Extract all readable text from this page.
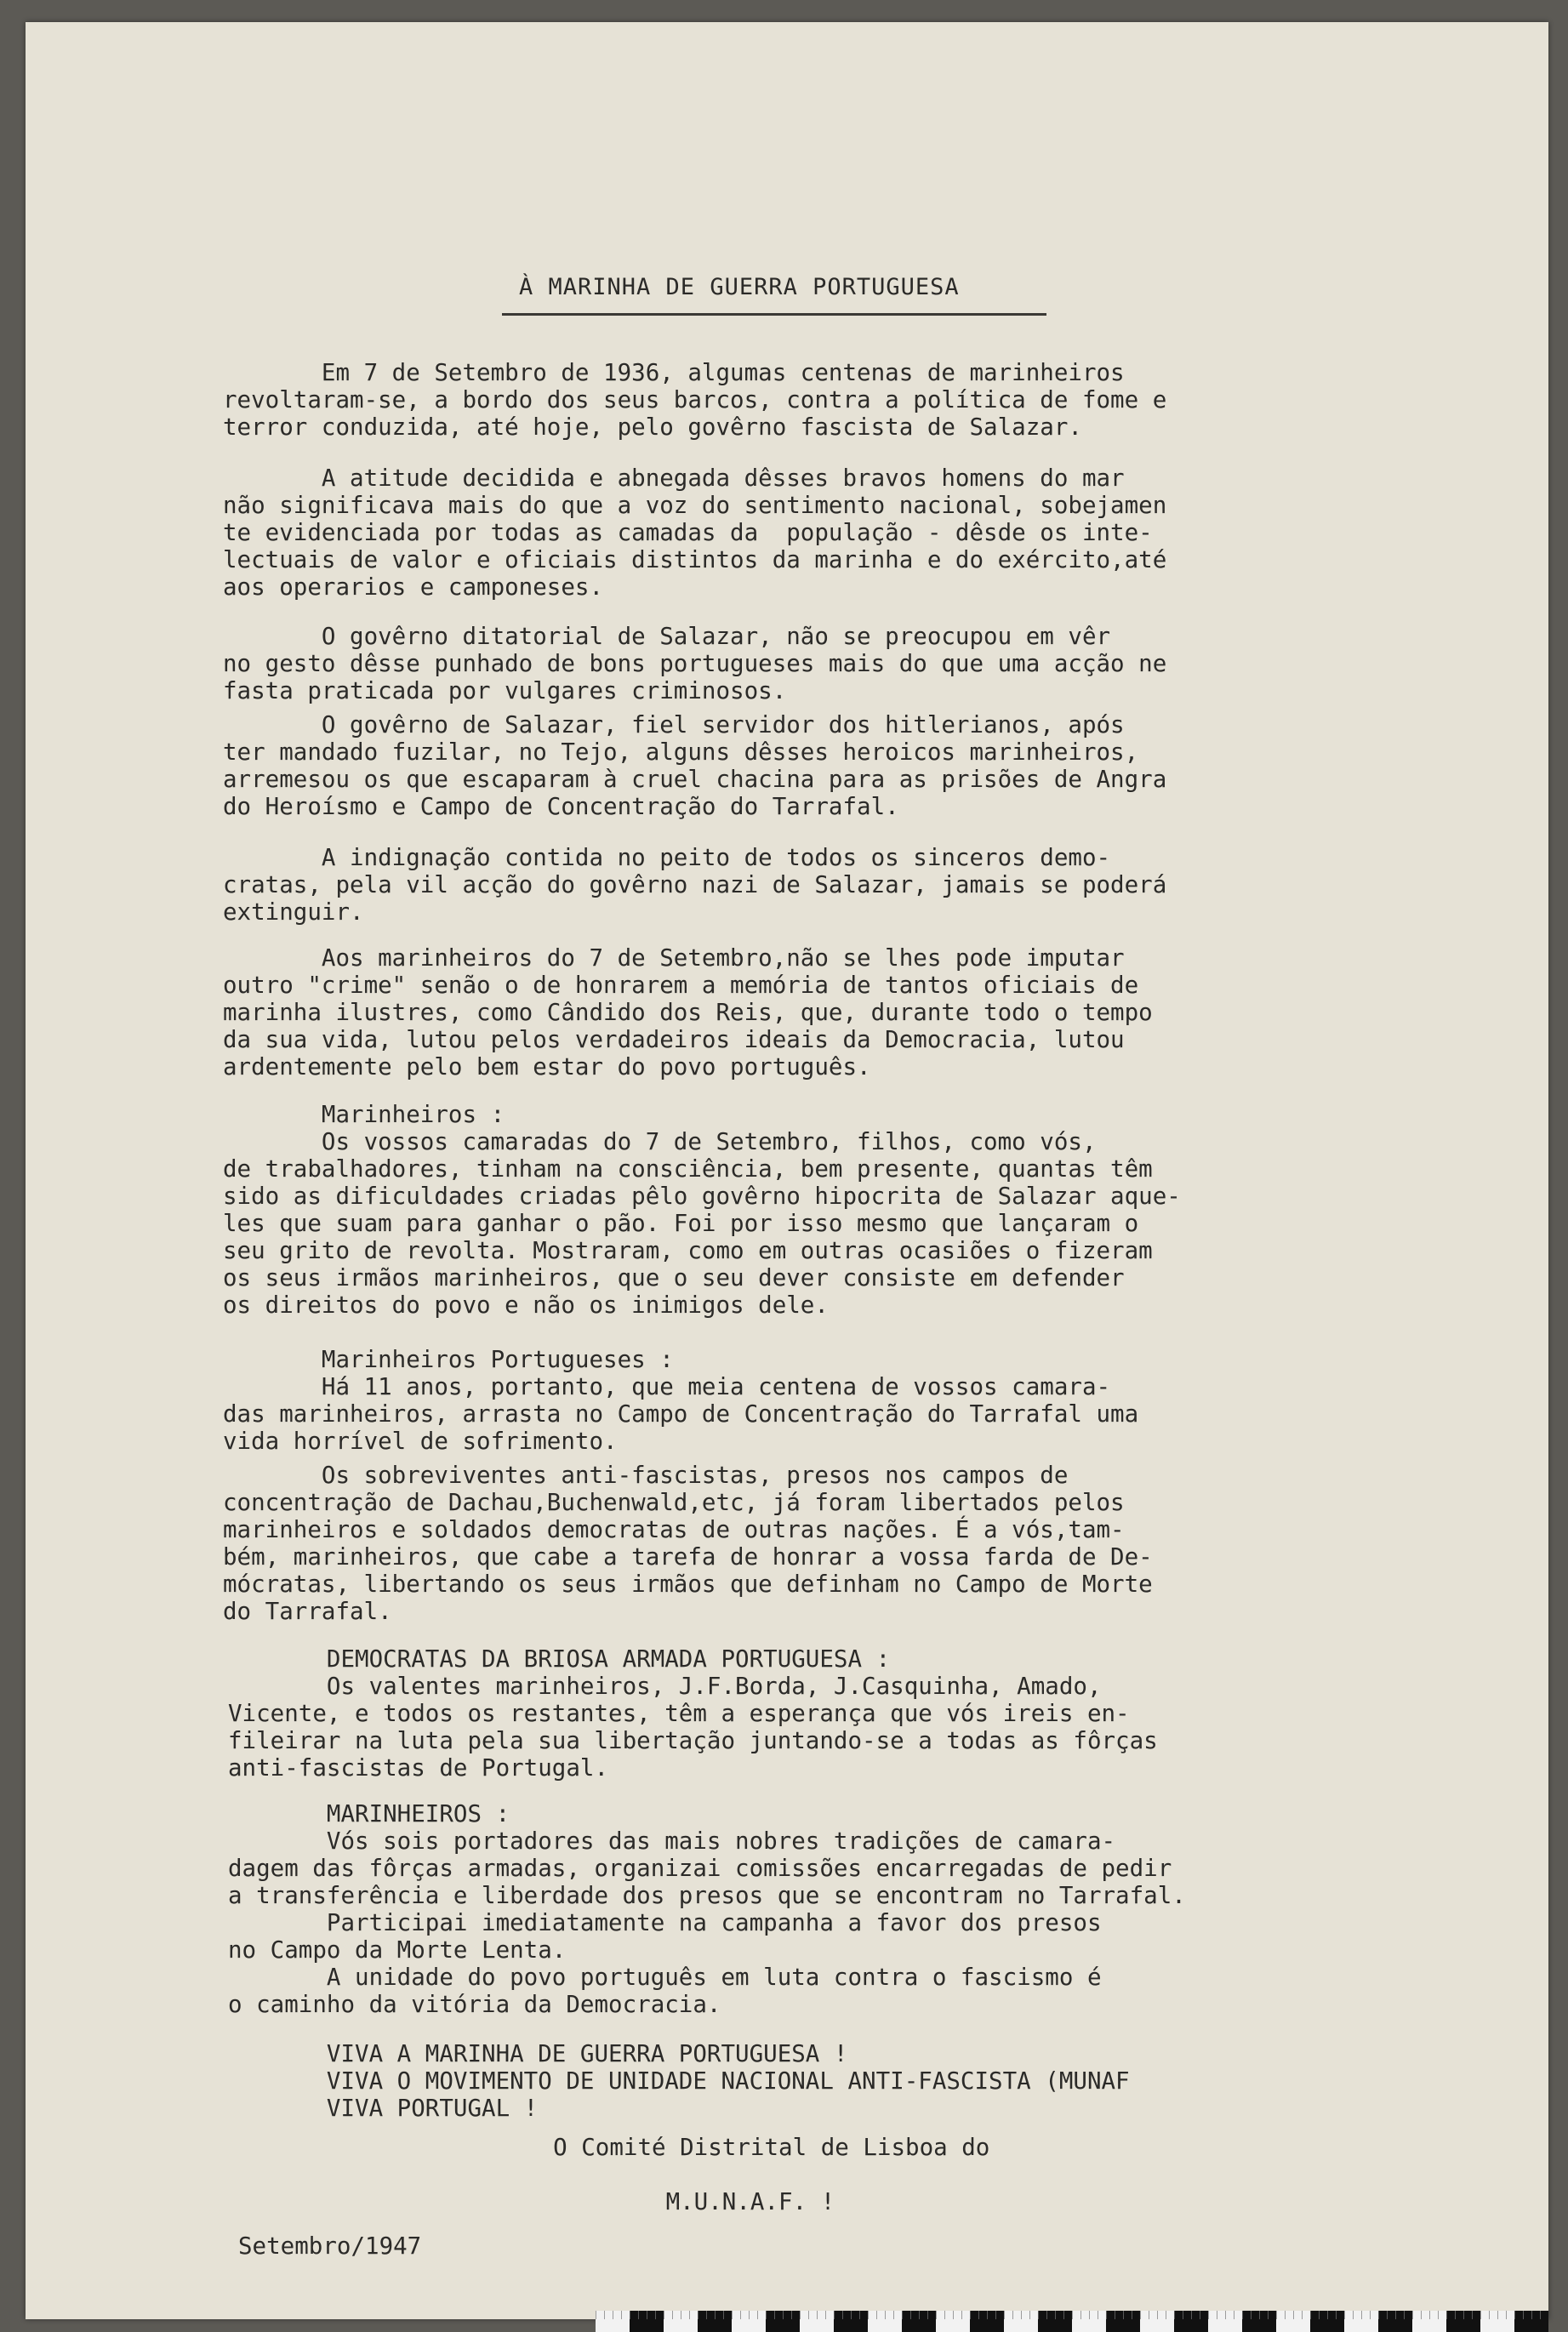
À MARINHA DE GUERRA PORTUGUESA
Em 7 de Setembro de 1936, algumas centenas de marinheiros
revoltaram-se, a bordo dos seus barcos, contra a política de fome e
terror conduzida, até hoje, pelo govêrno fascista de Salazar.
A atitude decidida e abnegada dêsses bravos homens do mar
não significava mais do que a voz do sentimento nacional, sobejamen
te evidenciada por todas as camadas da  população - dêsde os inte-
lectuais de valor e oficiais distintos da marinha e do exército,até
aos operarios e camponeses.
O govêrno ditatorial de Salazar, não se preocupou em vêr
no gesto dêsse punhado de bons portugueses mais do que uma acção ne
fasta praticada por vulgares criminosos.
O govêrno de Salazar, fiel servidor dos hitlerianos, após
ter mandado fuzilar, no Tejo, alguns dêsses heroicos marinheiros,
arremesou os que escaparam à cruel chacina para as prisões de Angra
do Heroísmo e Campo de Concentração do Tarrafal.
A indignação contida no peito de todos os sinceros demo-
cratas, pela vil acção do govêrno nazi de Salazar, jamais se poderá
extinguir.
Aos marinheiros do 7 de Setembro,não se lhes pode imputar
outro "crime" senão o de honrarem a memória de tantos oficiais de
marinha ilustres, como Cândido dos Reis, que, durante todo o tempo
da sua vida, lutou pelos verdadeiros ideais da Democracia, lutou
ardentemente pelo bem estar do povo português.
Marinheiros :
Os vossos camaradas do 7 de Setembro, filhos, como vós,
de trabalhadores, tinham na consciência, bem presente, quantas têm
sido as dificuldades criadas pêlo govêrno hipocrita de Salazar aque-
les que suam para ganhar o pão. Foi por isso mesmo que lançaram o
seu grito de revolta. Mostraram, como em outras ocasiões o fizeram
os seus irmãos marinheiros, que o seu dever consiste em defender
os direitos do povo e não os inimigos dele.
Marinheiros Portugueses :
Há 11 anos, portanto, que meia centena de vossos camara-
das marinheiros, arrasta no Campo de Concentração do Tarrafal uma
vida horrível de sofrimento.
Os sobreviventes anti-fascistas, presos nos campos de
concentração de Dachau,Buchenwald,etc, já foram libertados pelos
marinheiros e soldados democratas de outras nações. É a vós,tam-
bém, marinheiros, que cabe a tarefa de honrar a vossa farda de De-
mócratas, libertando os seus irmãos que definham no Campo de Morte
do Tarrafal.
DEMOCRATAS DA BRIOSA ARMADA PORTUGUESA :
Os valentes marinheiros, J.F.Borda, J.Casquinha, Amado,
Vicente, e todos os restantes, têm a esperança que vós ireis en-
fileirar na luta pela sua libertação juntando-se a todas as fôrças
anti-fascistas de Portugal.
MARINHEIROS :
Vós sois portadores das mais nobres tradições de camara-
dagem das fôrças armadas, organizai comissões encarregadas de pedir
a transferência e liberdade dos presos que se encontram no Tarrafal.
Participai imediatamente na campanha a favor dos presos
no Campo da Morte Lenta.
A unidade do povo português em luta contra o fascismo é
o caminho da vitória da Democracia.
VIVA A MARINHA DE GUERRA PORTUGUESA !
VIVA O MOVIMENTO DE UNIDADE NACIONAL ANTI-FASCISTA (MUNAF
VIVA PORTUGAL !
O Comité Distrital de Lisboa do
M.U.N.A.F. !
Setembro/1947
